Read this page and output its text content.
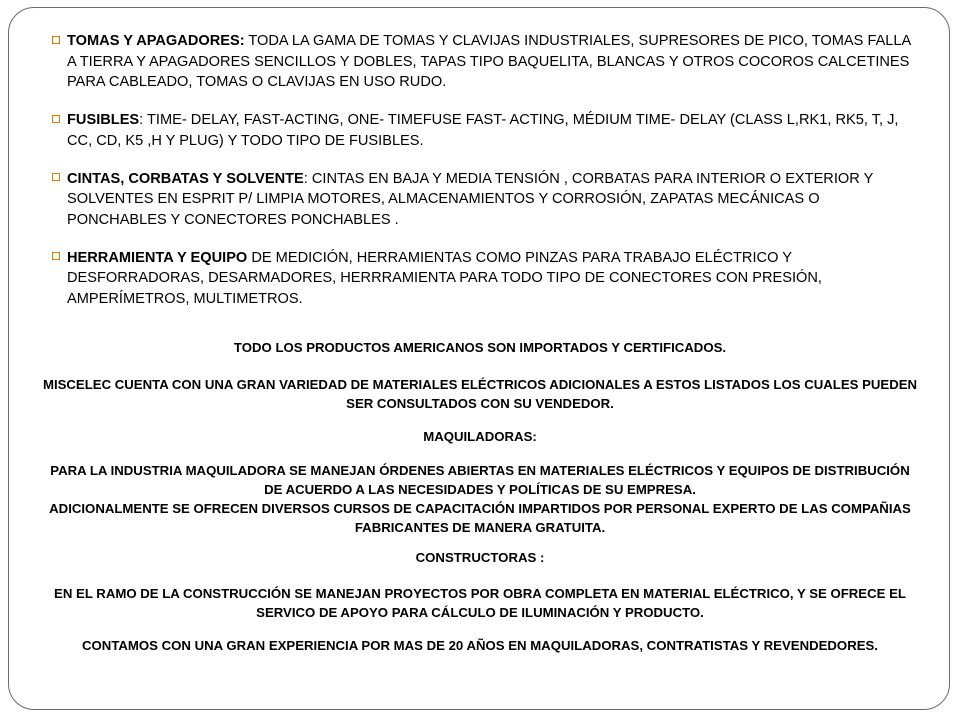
TOMAS Y APAGADORES: TODA LA GAMA DE TOMAS Y CLAVIJAS INDUSTRIALES, SUPRESORES DE PICO, TOMAS FALLA A TIERRA Y APAGADORES SENCILLOS Y DOBLES, TAPAS TIPO BAQUELITA, BLANCAS Y OTROS COCOROS CALCETINES PARA CABLEADO, TOMAS O CLAVIJAS EN USO RUDO.
FUSIBLES: TIME- DELAY, FAST-ACTING, ONE- TIMEFUSE FAST- ACTING, MÉDIUM TIME- DELAY (CLASS L,RK1, RK5, T, J, CC, CD, K5 ,H Y PLUG) Y TODO TIPO DE FUSIBLES.
CINTAS, CORBATAS Y SOLVENTE: CINTAS EN BAJA Y MEDIA TENSIÓN , CORBATAS PARA INTERIOR O EXTERIOR Y SOLVENTES EN ESPRIT P/ LIMPIA MOTORES, ALMACENAMIENTOS Y CORROSIÓN, ZAPATAS MECÁNICAS O PONCHABLES Y CONECTORES PONCHABLES .
HERRAMIENTA Y EQUIPO DE MEDICIÓN, HERRAMIENTAS COMO PINZAS PARA TRABAJO ELÉCTRICO Y DESFORRADORAS, DESARMADORES, HERRRAMIENTA PARA TODO TIPO DE CONECTORES CON PRESIÓN, AMPERÍMETROS, MULTIMETROS.

TODO LOS PRODUCTOS AMERICANOS SON IMPORTADOS Y CERTIFICADOS.

MISCELEC CUENTA CON UNA GRAN VARIEDAD DE MATERIALES ELÉCTRICOS ADICIONALES A ESTOS LISTADOS LOS CUALES PUEDEN SER CONSULTADOS CON SU VENDEDOR.

MAQUILADORAS:

PARA LA INDUSTRIA MAQUILADORA SE MANEJAN ÓRDENES ABIERTAS EN MATERIALES ELÉCTRICOS Y EQUIPOS DE DISTRIBUCIÓN DE ACUERDO A LAS NECESIDADES Y POLÍTICAS DE SU EMPRESA.

ADICIONALMENTE SE OFRECEN DIVERSOS CURSOS DE CAPACITACIÓN IMPARTIDOS POR PERSONAL EXPERTO DE LAS COMPAÑIAS FABRICANTES DE MANERA GRATUITA.

CONSTRUCTORAS :

EN EL RAMO DE LA CONSTRUCCIÓN SE MANEJAN PROYECTOS POR OBRA COMPLETA EN MATERIAL ELÉCTRICO, Y SE OFRECE EL SERVICO DE APOYO PARA CÁLCULO DE ILUMINACIÓN Y PRODUCTO.

CONTAMOS CON UNA GRAN EXPERIENCIA POR MAS DE 20 AÑOS EN MAQUILADORAS, CONTRATISTAS Y REVENDEDORES.
